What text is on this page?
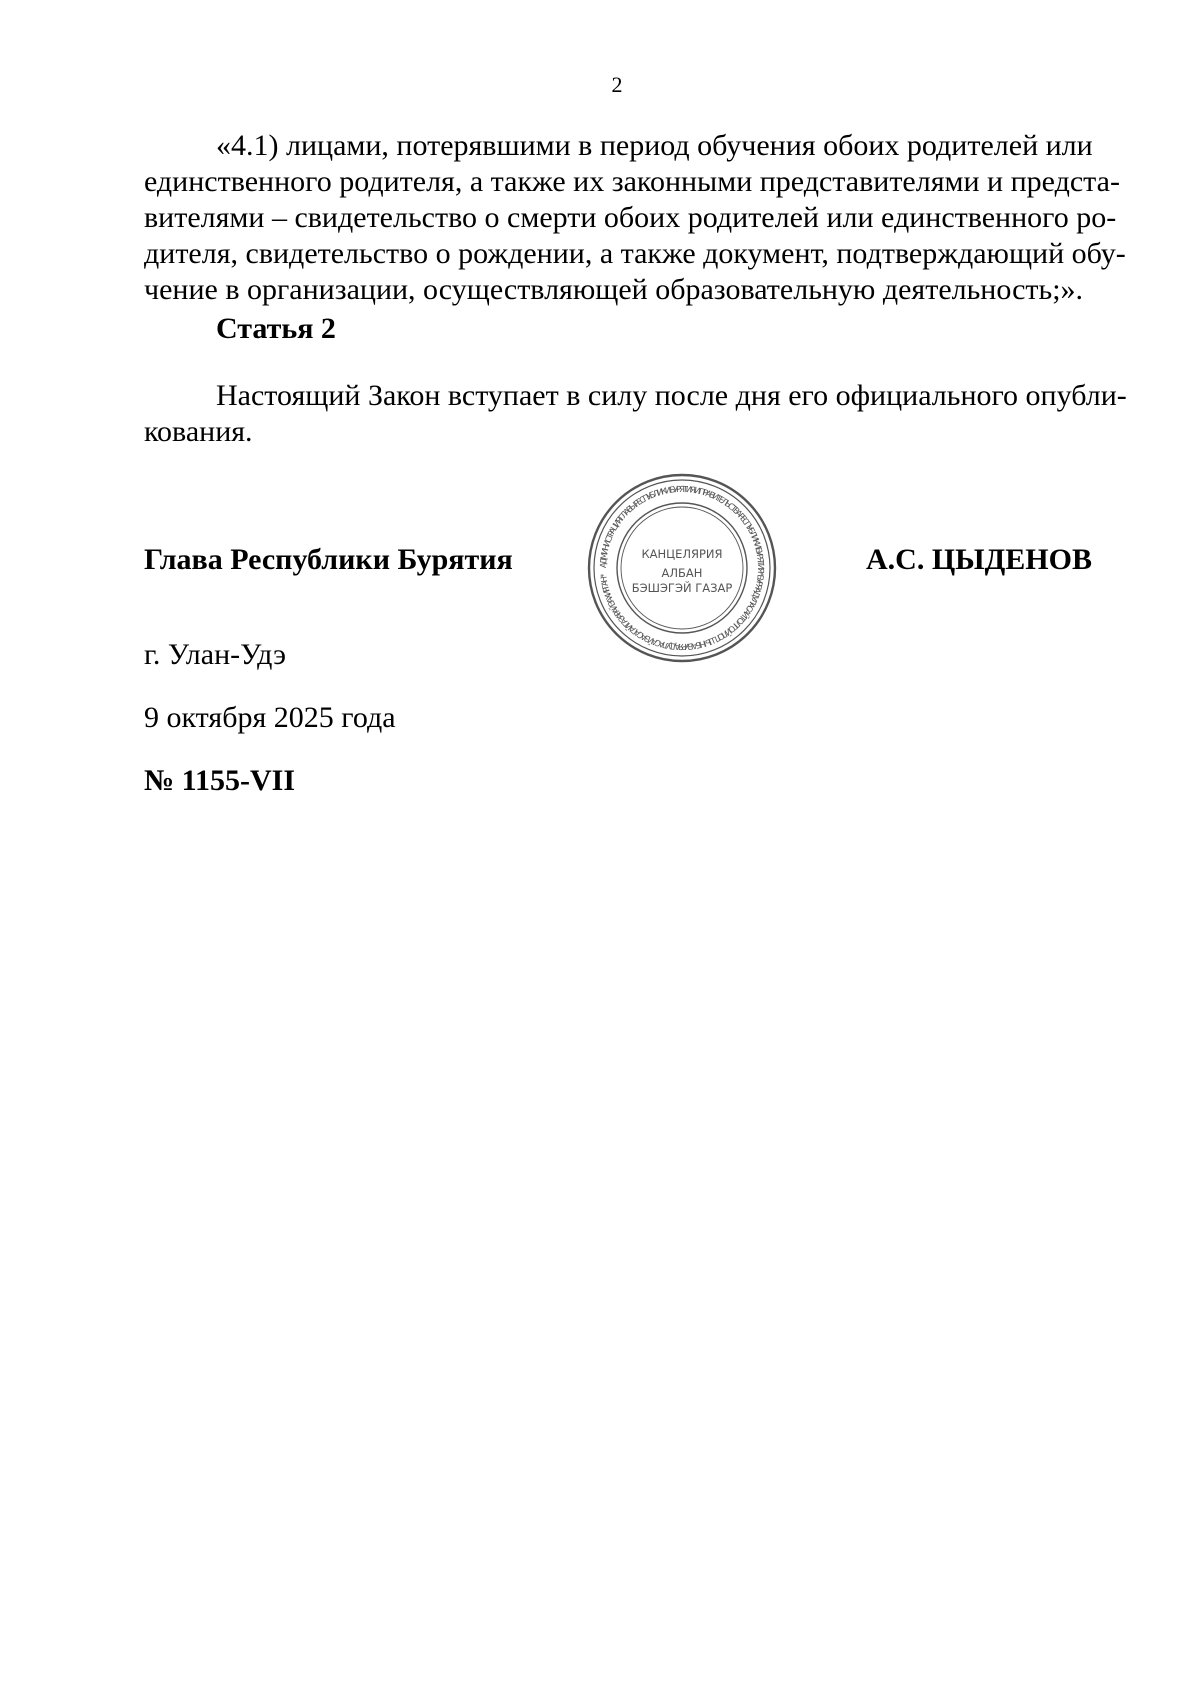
2
«4.1) лицами, потерявшими в период обучения обоих родителей или
единственного родителя, а также их законными представителями и предста-
вителями – свидетельство о смерти обоих родителей или единственного ро-
дителя, свидетельство о рождении, а также документ, подтверждающий обу-
чение в организации, осуществляющей образовательную деятельность;».
Статья 2
Настоящий Закон вступает в силу после дня его официального опубли-
кования.
Глава Республики Бурятия	АДМИНИСТРАЦИЯ ГЛАВЫ РЕСПУБЛИКИ БУРЯТИЯ И ПРАВИТЕЛЬСТВА РЕСПУБЛИКИ БУРЯТИЯ * БУРЯАД УЛАСАЙ ТОЛГОЙЛОГШЫН БА БУРЯАД УЛАСАЙ ЗАСАГАЙ ГАЗАРАЙ ЗАХИРГАН *
КАНЦЕЛЯРИЯ
АЛБАН
БЭШЭГЭЙ ГАЗАР
А.С. ЦЫДЕНОВ
г. Улан-Удэ
9 октября 2025 года
№ 1155-VII
